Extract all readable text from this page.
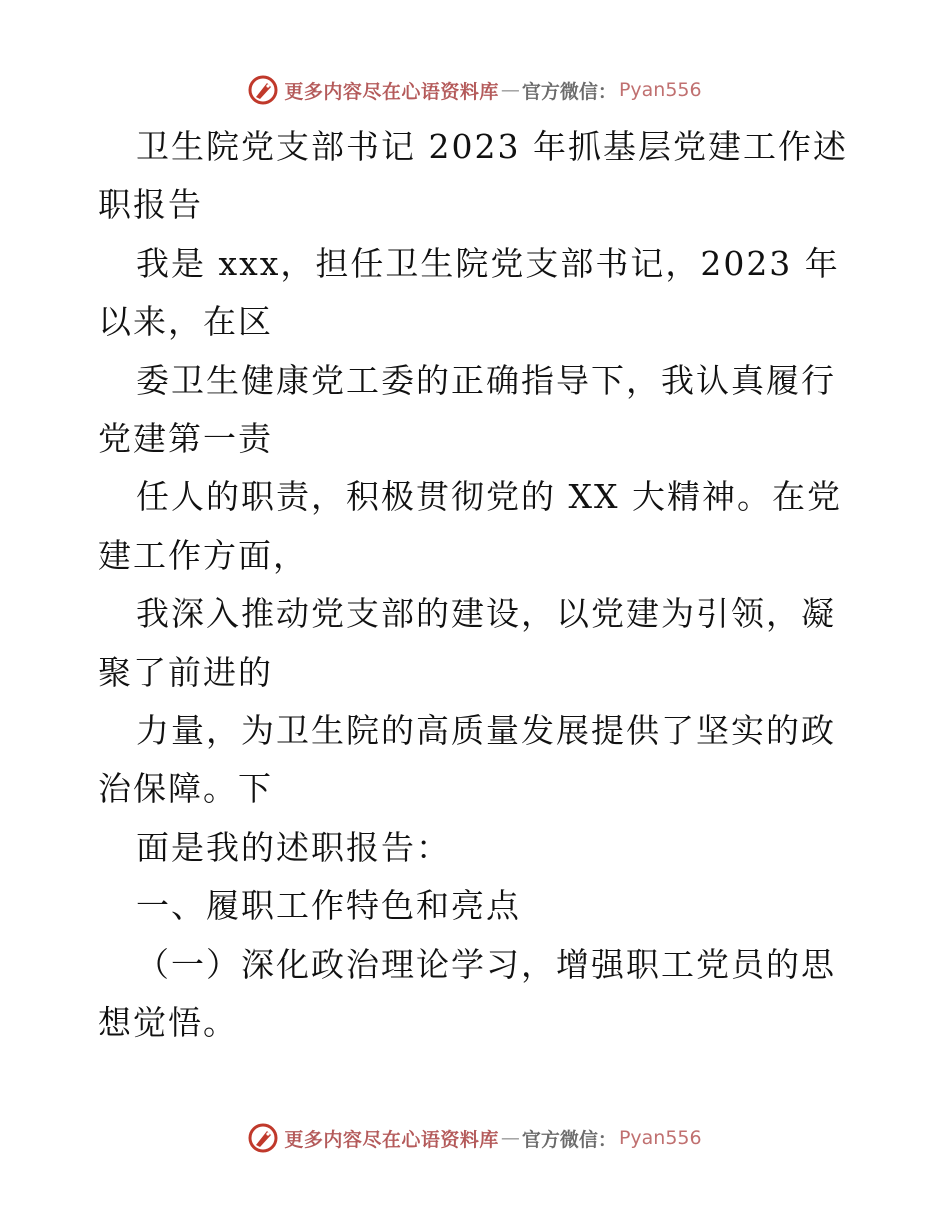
更多内容尽在心语资料库 — 官方微信： Pyan556

卫生院党支部书记 2023 年抓基层党建工作述职报告

我是 xxx，担任卫生院党支部书记，2023 年以来，在区

委卫生健康党工委的正确指导下，我认真履行党建第一责

任人的职责，积极贯彻党的 XX 大精神。在党建工作方面，

我深入推动党支部的建设，以党建为引领，凝聚了前进的

力量，为卫生院的高质量发展提供了坚实的政治保障。下

面是我的述职报告：

一、履职工作特色和亮点

（一）深化政治理论学习，增强职工党员的思想觉悟。

更多内容尽在心语资料库 — 官方微信： Pyan556
